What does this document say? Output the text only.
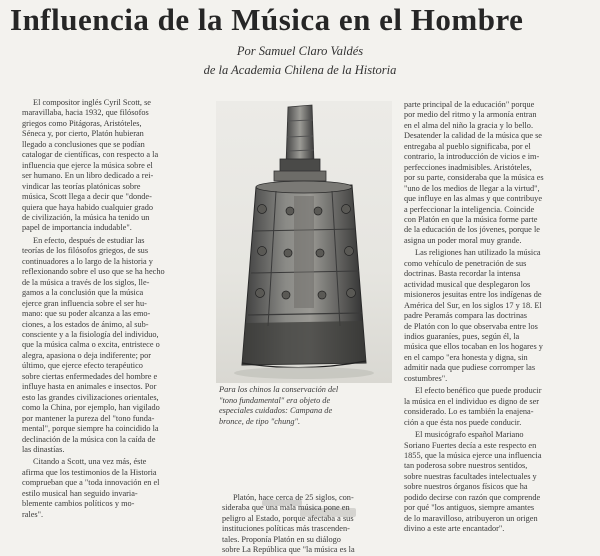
Influencia de la Música en el Hombre
Por Samuel Claro Valdés
de la Academia Chilena de la Historia
El compositor inglés Cyril Scott, se
maravillaba, hacia 1932, que filósofos
griegos como Pitágoras, Aristóteles,
Séneca y, por cierto, Platón hubieran
llegado a conclusiones que se podían
catalogar de científicas, con respecto a la
influencia que ejerce la música sobre el
ser humano. En un libro dedicado a rei-
vindicar las teorías platónicas sobre
música, Scott llega a decir que "donde-
quiera que haya habido cualquier grado
de civilización, la música ha tenido un
papel de importancia indudable".
En efecto, después de estudiar las
teorías de los filósofos griegos, de sus
continuadores a lo largo de la historia y
reflexionando sobre el uso que se ha hecho
de la música a través de los siglos, lle-
gamos a la conclusión que la música
ejerce gran influencia sobre el ser hu-
mano: que su poder alcanza a las emo-
ciones, a los estados de ánimo, al sub-
consciente y a la fisiología del individuo,
que la música calma o excita, entristece o
alegra, apasiona o deja indiferente; por
último, que ejerce efecto terapéutico
sobre ciertas enfermedades del hombre e
influye hasta en animales e insectos. Por
esto las grandes civilizaciones orientales,
como la China, por ejemplo, han vigilado
por mantener la pureza del "tono funda-
mental", porque siempre ha coincidido la
declinación de la música con la caída de
las dinastías.
Citando a Scott, una vez más, éste
afirma que los testimonios de la Historia
comprueban que a "toda innovación en el
estilo musical han seguido invaria-
blemente cambios políticos y mo-
rales".
Para los chinos la conservación del
"tono fundamental" era objeto de
especiales cuidados: Campana de
bronce, de tipo "chung".
Platón, hace cerca de 25 siglos, con-
sideraba que una mala música pone en
peligro al Estado, porque afectaba a sus
instituciones políticas más trascenden-
tales. Proponía Platón en su diálogo
sobre La República que "la música es la
parte principal de la educación" porque
por medio del ritmo y la armonía entran
en el alma del niño la gracia y lo bello.
Desatender la calidad de la música que se
entregaba al pueblo significaba, por el
contrario, la introducción de vicios e im-
perfecciones inadmisibles. Aristóteles,
por su parte, consideraba que la música es
"uno de los medios de llegar a la virtud",
que influye en las almas y que contribuye
a perfeccionar la inteligencia. Coincide
con Platón en que la música forme parte
de la educación de los jóvenes, porque le
asigna un poder moral muy grande.
Las religiones han utilizado la música
como vehículo de penetración de sus
doctrinas. Basta recordar la intensa
actividad musical que desplegaron los
misioneros jesuitas entre los indígenas de
América del Sur, en los siglos 17 y 18. El
padre Peramás compara las doctrinas
de Platón con lo que observaba entre los
indios guaraníes, pues, según él, la
música que ellos tocaban en los hogares y
en el campo "era honesta y digna, sin
admitir nada que pudiese corromper las
costumbres".
El efecto benéfico que puede producir
la música en el individuo es digno de ser
considerado. Lo es también la enajena-
ción a que ésta nos puede conducir.
El musicógrafo español Mariano
Soriano Fuertes decía a este respecto en
1855, que la música ejerce una influencia
tan poderosa sobre nuestros sentidos,
sobre nuestras facultades intelectuales y
sobre nuestros órganos físicos que ha
podido decirse con razón que comprende
por qué "los antiguos, siempre amantes
de lo maravilloso, atribuyeron un origen
divino a este arte encantador".
